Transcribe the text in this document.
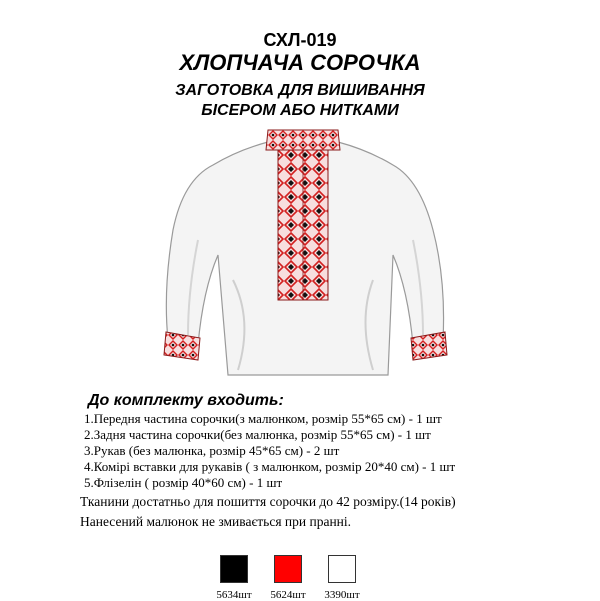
СХЛ-019
ХЛОПЧАЧА СОРОЧКА
ЗАГОТОВКА ДЛЯ ВИШИВАННЯ
БІСЕРОМ АБО НИТКАМИ
До комплекту входить:
1.Передня частина сорочки(з малюнком, розмір 55*65 см) - 1 шт
2.Задня частина сорочки(без малюнка, розмір 55*65 см) - 1 шт
3.Рукав (без малюнка, розмір 45*65 см) - 2 шт
4.Комірі вставки для рукавів ( з малюнком, розмір 20*40 см) - 1 шт
5.Флізелін ( розмір 40*60 см) - 1 шт
Тканини достатньо для пошиття сорочки до 42 розміру.(14 років)
Нанесений малюнок не змивається при пранні.
5634шт	5624шт	3390шт
